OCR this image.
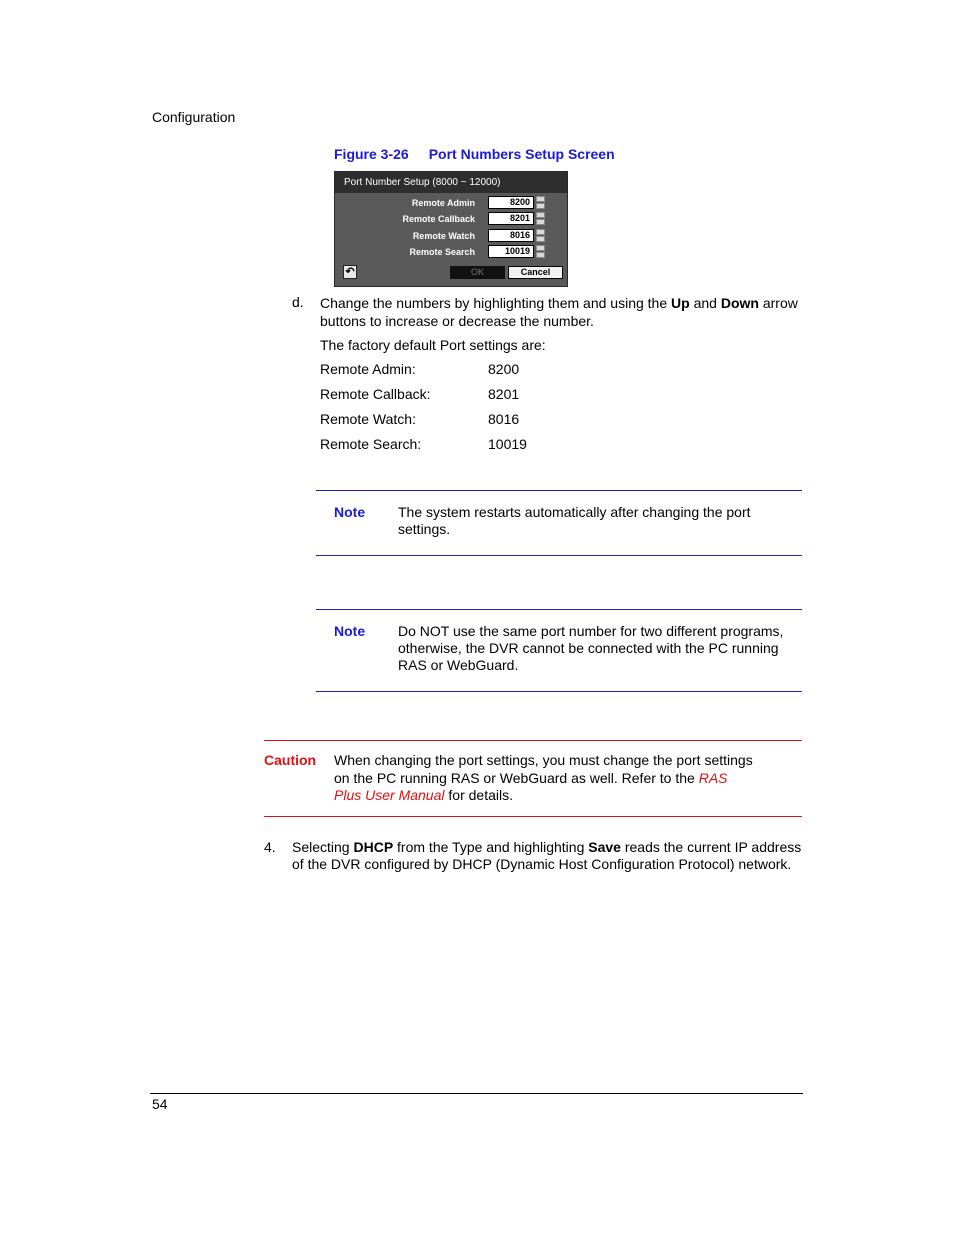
Configuration
Figure 3-26 Port Numbers Setup Screen
Port Number Setup (8000 ~ 12000)
Remote Admin	8200
Remote Callback	8201
Remote Watch	8016
Remote Search	10019
↶	OK	Cancel
d. Change the numbers by highlighting them and using the Up and Down arrow buttons to increase or decrease the number.
The factory default Port settings are:
Remote Admin:	8200
Remote Callback:	8201
Remote Watch:	8016
Remote Search:	10019
Note The system restarts automatically after changing the port settings.
Note Do NOT use the same port number for two different programs, otherwise, the DVR cannot be connected with the PC running RAS or WebGuard.
Caution When changing the port settings, you must change the port settings on the PC running RAS or WebGuard as well. Refer to the RAS Plus User Manual for details.
4. Selecting DHCP from the Type and highlighting Save reads the current IP address of the DVR configured by DHCP (Dynamic Host Configuration Protocol) network.
54
